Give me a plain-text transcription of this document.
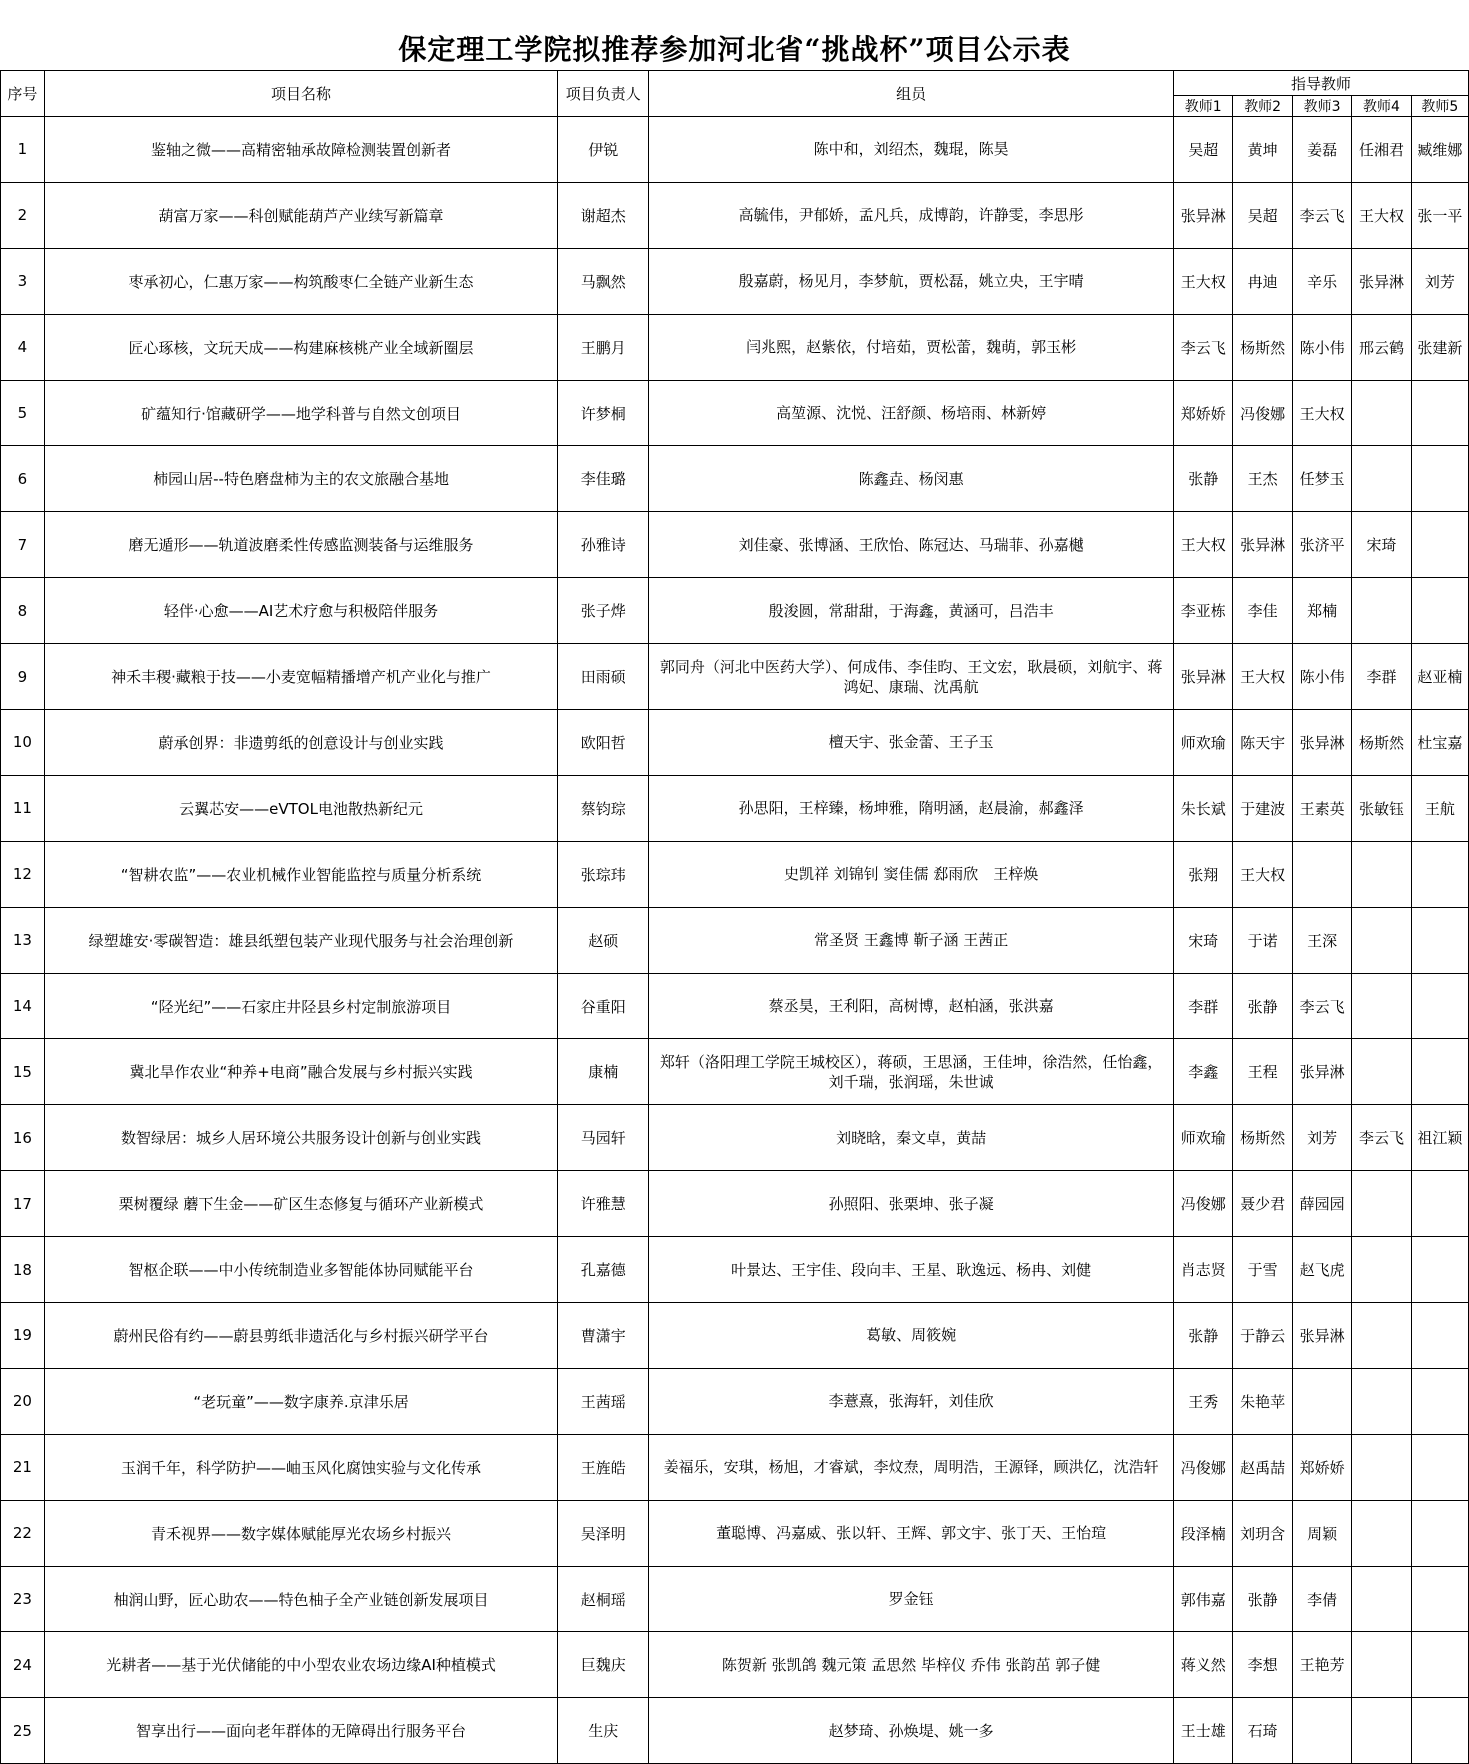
保定理工学院拟推荐参加河北省“挑战杯”项目公示表
序号	项目名称	项目负责人	组员	指导教师				
				教师1	教师2	教师3	教师4	教师5
1	鉴轴之微——高精密轴承故障检测装置创新者	伊锐	陈中和，刘绍杰，魏琨，陈昊	吴超	黄坤	姜磊	任湘君	臧维娜
2	葫富万家——科创赋能葫芦产业续写新篇章	谢超杰	高毓伟，尹郁娇，孟凡兵，成博韵，许静雯，李思彤	张异淋	吴超	李云飞	王大权	张一平
3	枣承初心，仁惠万家——构筑酸枣仁全链产业新生态	马飘然	殷嘉蔚，杨见月，李梦航，贾松磊，姚立央，王宇晴	王大权	冉迪	辛乐	张异淋	刘芳
4	匠心琢核，文玩天成——构建麻核桃产业全域新圈层	王鹏月	闫兆熙，赵紫依，付培茹，贾松蕾，魏萌，郭玉彬	李云飞	杨斯然	陈小伟	邢云鹤	张建新
5	矿蕴知行·馆藏研学——地学科普与自然文创项目	许梦桐	高堃源、沈悦、汪舒颜、杨培雨、林新婷	郑娇娇	冯俊娜	王大权		
6	柿园山居--特色磨盘柿为主的农文旅融合基地	李佳璐	陈鑫垚、杨闵惠	张静	王杰	任梦玉		
7	磨无遁形——轨道波磨柔性传感监测装备与运维服务	孙雅诗	刘佳豪、张博涵、王欣怡、陈冠达、马瑞菲、孙嘉樾	王大权	张异淋	张济平	宋琦	
8	轻伴·心愈——AI艺术疗愈与积极陪伴服务	张子烨	殷浚圆，常甜甜，于海鑫，黄涵可，吕浩丰	李亚栋	李佳	郑楠		
9	神禾丰稷·藏粮于技——小麦宽幅精播增产机产业化与推广	田雨硕	郭同舟（河北中医药大学）、何成伟、李佳昀、王文宏，耿晨硕，刘航宇、蒋鸿妃、康瑞、沈禹航	张异淋	王大权	陈小伟	李群	赵亚楠
10	蔚承创界：非遗剪纸的创意设计与创业实践	欧阳哲	檀天宇、张金蕾、王子玉	师欢瑜	陈天宇	张异淋	杨斯然	杜宝嘉
11	云翼芯安——eVTOL电池散热新纪元	蔡钧琮	孙思阳，王梓臻，杨坤雅，隋明涵，赵晨渝，郝鑫泽	朱长斌	于建波	王素英	张敏钰	王航
12	“智耕农监”——农业机械作业智能监控与质量分析系统	张琮玮	史凯祥 刘锦钊 窦佳儒 郄雨欣　王梓焕	张翔	王大权			
13	绿塑雄安·零碳智造：雄县纸塑包装产业现代服务与社会治理创新	赵硕	常圣贤 王鑫博 靳子涵 王茜正	宋琦	于诺	王深		
14	“陉光纪”——石家庄井陉县乡村定制旅游项目	谷重阳	蔡丞昊，王利阳，高树博，赵柏涵，张洪嘉	李群	张静	李云飞		
15	冀北旱作农业“种养+电商”融合发展与乡村振兴实践	康楠	郑轩（洛阳理工学院王城校区），蒋硕，王思涵，王佳坤，徐浩然，任怡鑫，刘千瑞，张润瑶，朱世诚	李鑫	王程	张异淋		
16	数智绿居：城乡人居环境公共服务设计创新与创业实践	马园轩	刘晓晗，秦文卓，黄喆	师欢瑜	杨斯然	刘芳	李云飞	祖江颖
17	栗树覆绿 蘑下生金——矿区生态修复与循环产业新模式	许雅慧	孙照阳、张栗坤、张子凝	冯俊娜	聂少君	薛园园		
18	智枢企联——中小传统制造业多智能体协同赋能平台	孔嘉德	叶景达、王宇佳、段向丰、王星、耿逸远、杨冉、刘健	肖志贤	于雪	赵飞虎		
19	蔚州民俗有约——蔚县剪纸非遗活化与乡村振兴研学平台	曹潇宇	葛敏、周筱婉	张静	于静云	张异淋		
20	“老玩童”——数字康养.京津乐居	王茜瑶	李薏熹，张海轩，刘佳欣	王秀	朱艳苹			
21	玉润千年，科学防护——岫玉风化腐蚀实验与文化传承	王旌皓	姜福乐，安琪，杨旭，才睿斌，李炆焘，周明浩，王源铎，顾洪亿，沈浩轩	冯俊娜	赵禹喆	郑娇娇		
22	青禾视界——数字媒体赋能厚光农场乡村振兴	吴泽明	董聪博、冯嘉威、张以轩、王辉、郭文宇、张丁天、王怡瑄	段泽楠	刘玥含	周颖		
23	柚润山野，匠心助农——特色柚子全产业链创新发展项目	赵桐瑶	罗金钰	郭伟嘉	张静	李倩		
24	光耕者——基于光伏储能的中小型农业农场边缘AI种植模式	巨魏庆	陈贺新 张凯鸽 魏元策 孟思然 毕梓仪 乔伟 张韵茁 郭子健	蒋义然	李想	王艳芳		
25	智享出行——面向老年群体的无障碍出行服务平台	生庆	赵梦琦、孙焕堤、姚一多	王士雄	石琦			
